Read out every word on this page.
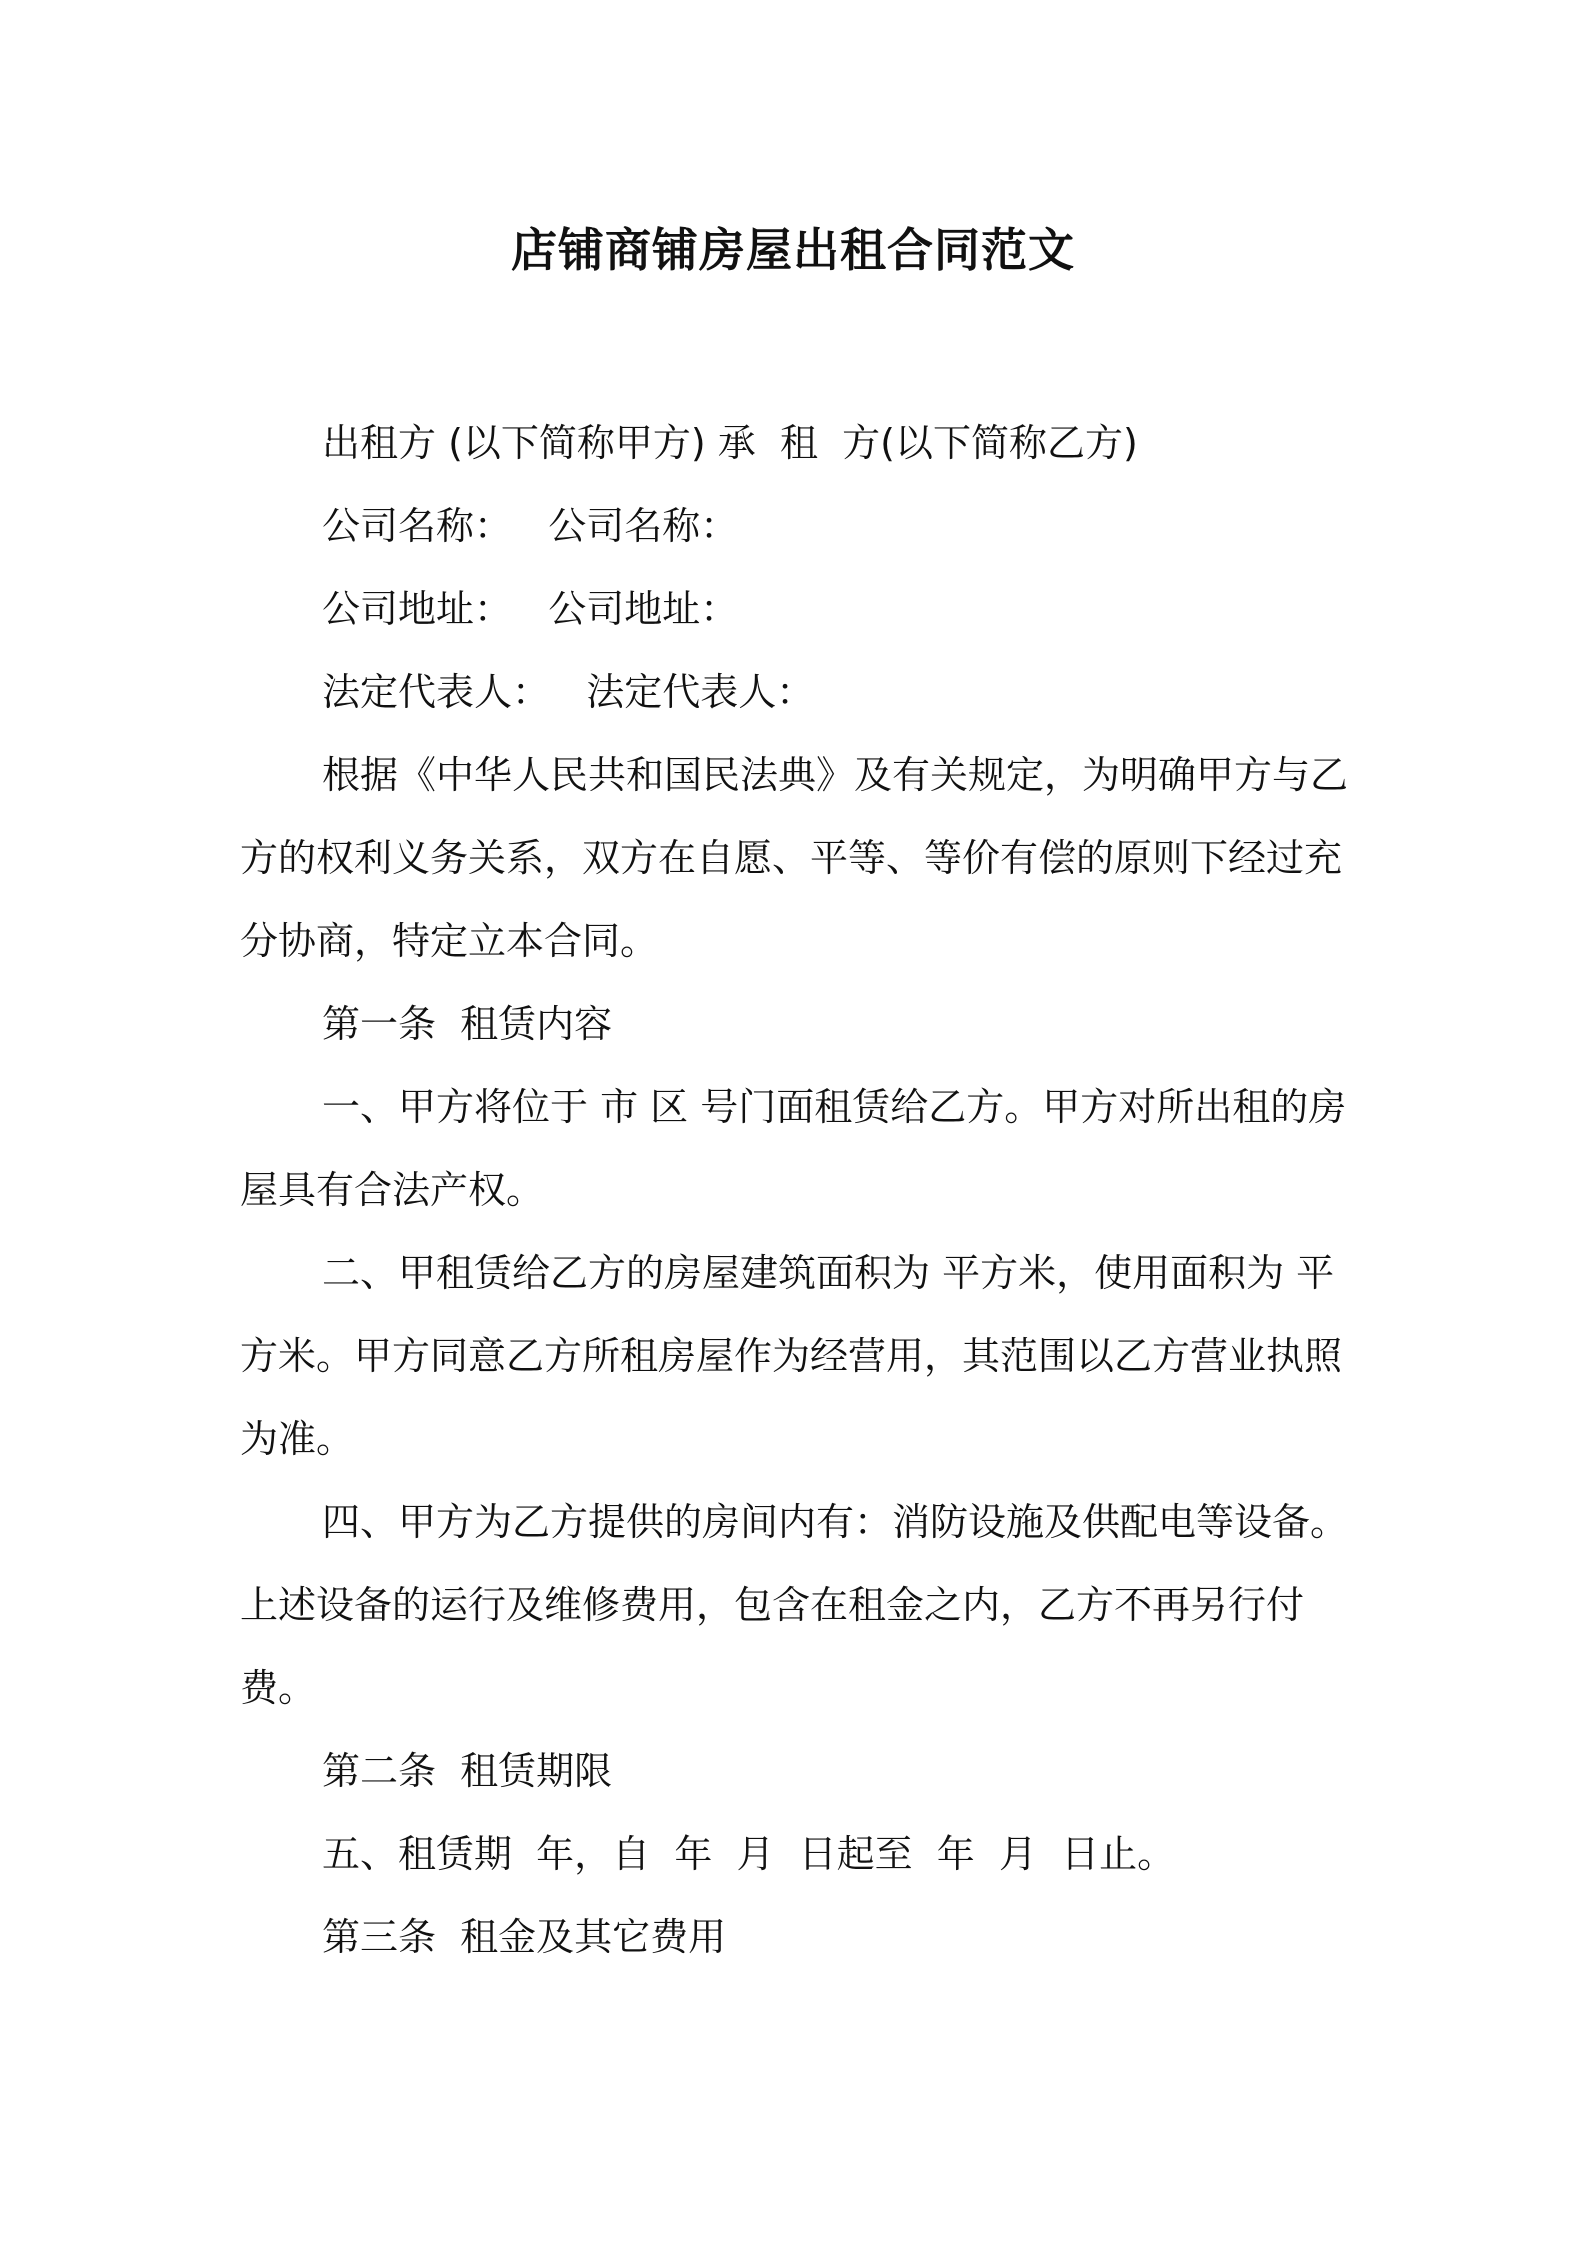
店铺商铺房屋出租合同范文

出租方 (以下简称甲方) 承  租  方(以下简称乙方)

公司名称：   公司名称：

公司地址：   公司地址：

法定代表人：   法定代表人：

根据《中华人民共和国民法典》及有关规定，为明确甲方与乙方的权利义务关系，双方在自愿、平等、等价有偿的原则下经过充分协商，特定立本合同。

第一条  租赁内容

一、甲方将位于 市 区 号门面租赁给乙方。甲方对所出租的房屋具有合法产权。

二、甲租赁给乙方的房屋建筑面积为 平方米，使用面积为 平方米。甲方同意乙方所租房屋作为经营用，其范围以乙方营业执照为准。

四、甲方为乙方提供的房间内有：消防设施及供配电等设备。上述设备的运行及维修费用，包含在租金之内，乙方不再另行付费。

第二条  租赁期限

五、租赁期  年，自  年  月  日起至  年  月  日止。

第三条  租金及其它费用
